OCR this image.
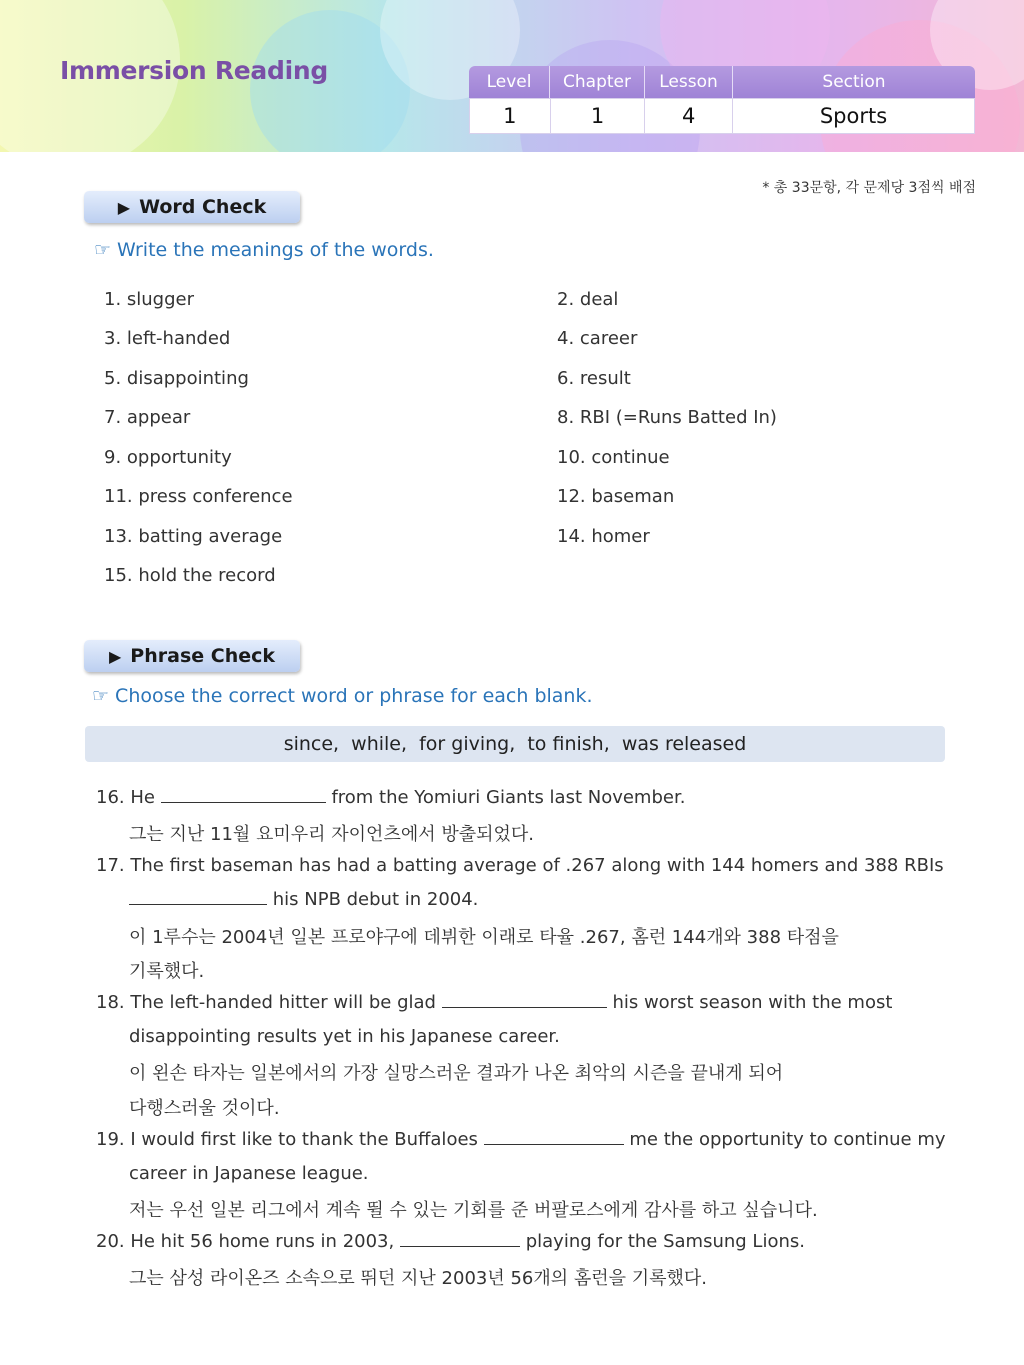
Immersion Reading	Level	Chapter	Lesson	Section
1	1	4	Sports
* 총 33문항, 각 문제당 3점씩 배점
▶ Word Check
☞ Write the meanings of the words.
1. slugger	2. deal
3. left-handed	4. career
5. disappointing	6. result
7. appear	8. RBI (=Runs Batted In)
9. opportunity	10. continue
11. press conference	12. baseman
13. batting average	14. homer
15. hold the record
▶ Phrase Check
☞ Choose the correct word or phrase for each blank.
since,  while,  for giving,  to finish,  was released
16. He	from the Yomiuri Giants last November.
그는 지난 11월 요미우리 자이언츠에서 방출되었다.
17. The first baseman has had a batting average of .267 along with 144 homers and 388 RBIs
his NPB debut in 2004.
이 1루수는 2004년 일본 프로야구에 데뷔한 이래로 타율 .267, 홈런 144개와 388 타점을
기록했다.
18. The left-handed hitter will be glad	his worst season with the most
disappointing results yet in his Japanese career.
이 왼손 타자는 일본에서의 가장 실망스러운 결과가 나온 최악의 시즌을 끝내게 되어
다행스러울 것이다.
19. I would first like to thank the Buffaloes	me the opportunity to continue my
career in Japanese league.
저는 우선 일본 리그에서 계속 뛸 수 있는 기회를 준 버팔로스에게 감사를 하고 싶습니다.
20. He hit 56 home runs in 2003,	playing for the Samsung Lions.
그는 삼성 라이온즈 소속으로 뛰던 지난 2003년 56개의 홈런을 기록했다.
